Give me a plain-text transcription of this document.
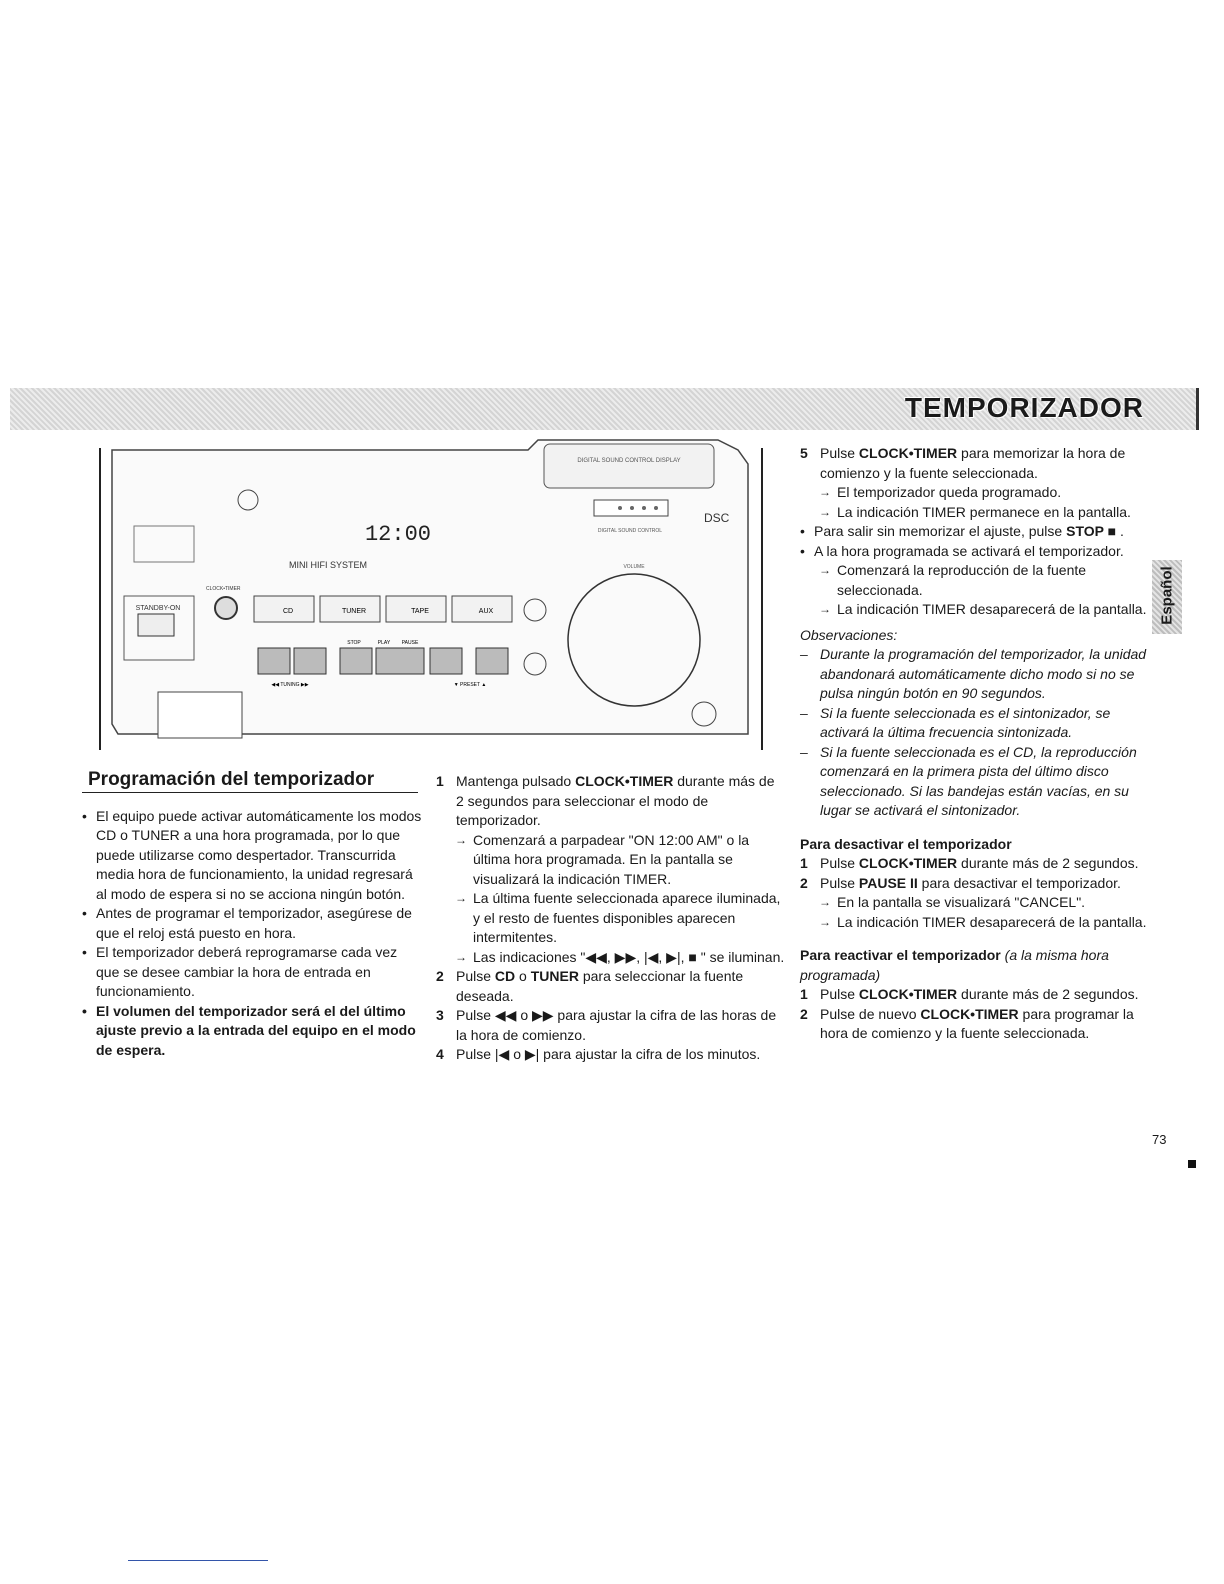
TEMPORIZADOR
Español
DIGITAL SOUND CONTROL DISPLAY
DSC
DIGITAL SOUND CONTROL
12:00
MINI HIFI SYSTEM
STANDBY-ON
CLOCK•TIMER
CD	TUNER	TAPE	AUX
STOP	PLAY PAUSE
◀◀ TUNING ▶▶	▼ PRESET ▲
VOLUME
Programación del temporizador
• El equipo puede activar automáticamente los modos CD o TUNER a una hora programada, por lo que puede utilizarse como despertador. Transcurrida media hora de funcionamiento, la unidad regresará al modo de espera si no se acciona ningún botón.
• Antes de programar el temporizador, asegúrese de que el reloj está puesto en hora.
• El temporizador deberá reprogramarse cada vez que se desee cambiar la hora de entrada en funcionamiento.
• El volumen del temporizador será el del último ajuste previo a la entrada del equipo en el modo de espera.
1 Mantenga pulsado CLOCK•TIMER durante más de 2 segundos para seleccionar el modo de temporizador.
→ Comenzará a parpadear "ON 12:00 AM" o la última hora programada. En la pantalla se visualizará la indicación TIMER.
→ La última fuente seleccionada aparece iluminada, y el resto de fuentes disponibles aparecen intermitentes.
→ Las indicaciones "◀◀, ▶▶, |◀, ▶|, ■ " se iluminan.
2 Pulse CD o TUNER para seleccionar la fuente deseada.
3 Pulse ◀◀ o ▶▶ para ajustar la cifra de las horas de la hora de comienzo.
4 Pulse |◀ o ▶| para ajustar la cifra de los minutos.
5 Pulse CLOCK•TIMER para memorizar la hora de comienzo y la fuente seleccionada.
→ El temporizador queda programado.
→ La indicación TIMER permanece en la pantalla.
• Para salir sin memorizar el ajuste, pulse STOP ■ .
• A la hora programada se activará el temporizador.
→ Comenzará la reproducción de la fuente seleccionada.
→ La indicación TIMER desaparecerá de la pantalla.
Observaciones:
– Durante la programación del temporizador, la unidad abandonará automáticamente dicho modo si no se pulsa ningún botón en 90 segundos.
– Si la fuente seleccionada es el sintonizador, se activará la última frecuencia sintonizada.
– Si la fuente seleccionada es el CD, la reproducción comenzará en la primera pista del último disco seleccionado. Si las bandejas están vacías, en su lugar se activará el sintonizador.
Para desactivar el temporizador
1 Pulse CLOCK•TIMER durante más de 2 segundos.
2 Pulse PAUSE II para desactivar el temporizador.
→ En la pantalla se visualizará "CANCEL".
→ La indicación TIMER desaparecerá de la pantalla.
Para reactivar el temporizador (a la misma hora programada)
1 Pulse CLOCK•TIMER durante más de 2 segundos.
2 Pulse de nuevo CLOCK•TIMER para programar la hora de comienzo y la fuente seleccionada.
73
